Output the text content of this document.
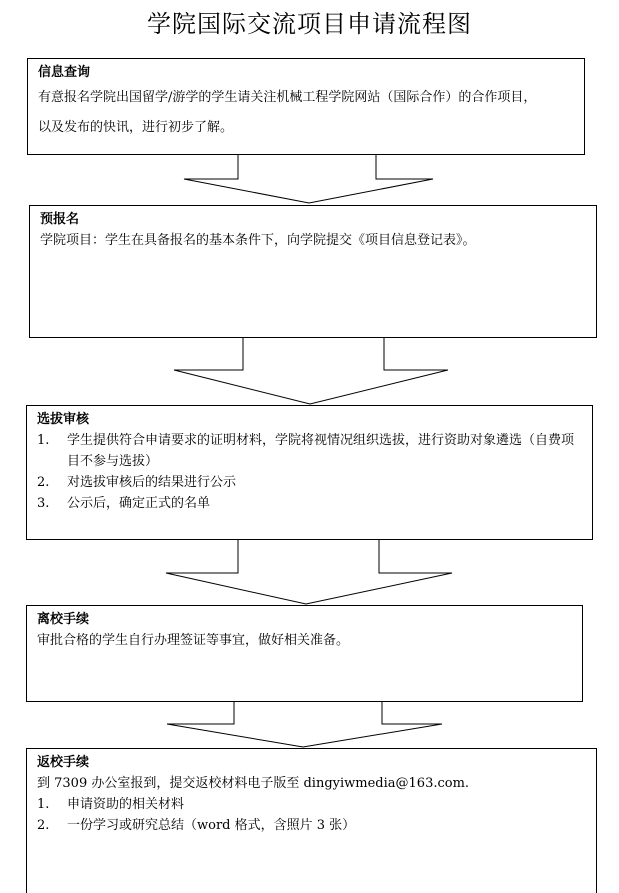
学院国际交流项目申请流程图
信息查询

有意报名学院出国留学/游学的学生请关注机械工程学院网站（国际合作）的合作项目，

以及发布的快讯，进行初步了解。

预报名

学院项目：学生在具备报名的基本条件下，向学院提交《项目信息登记表》。

选拔审核
1. 学生提供符合申请要求的证明材料，学院将视情况组织选拔，进行资助对象遴选（自费项目不参与选拔）
2. 对选拔审核后的结果进行公示
3. 公示后，确定正式的名单
离校手续

审批合格的学生自行办理签证等事宜，做好相关准备。

返校手续

到 7309 办公室报到，提交返校材料电子版至 dingyiwmedia@163.com.

1. 申请资助的相关材料
2. 一份学习或研究总结（word 格式，含照片 3 张）
